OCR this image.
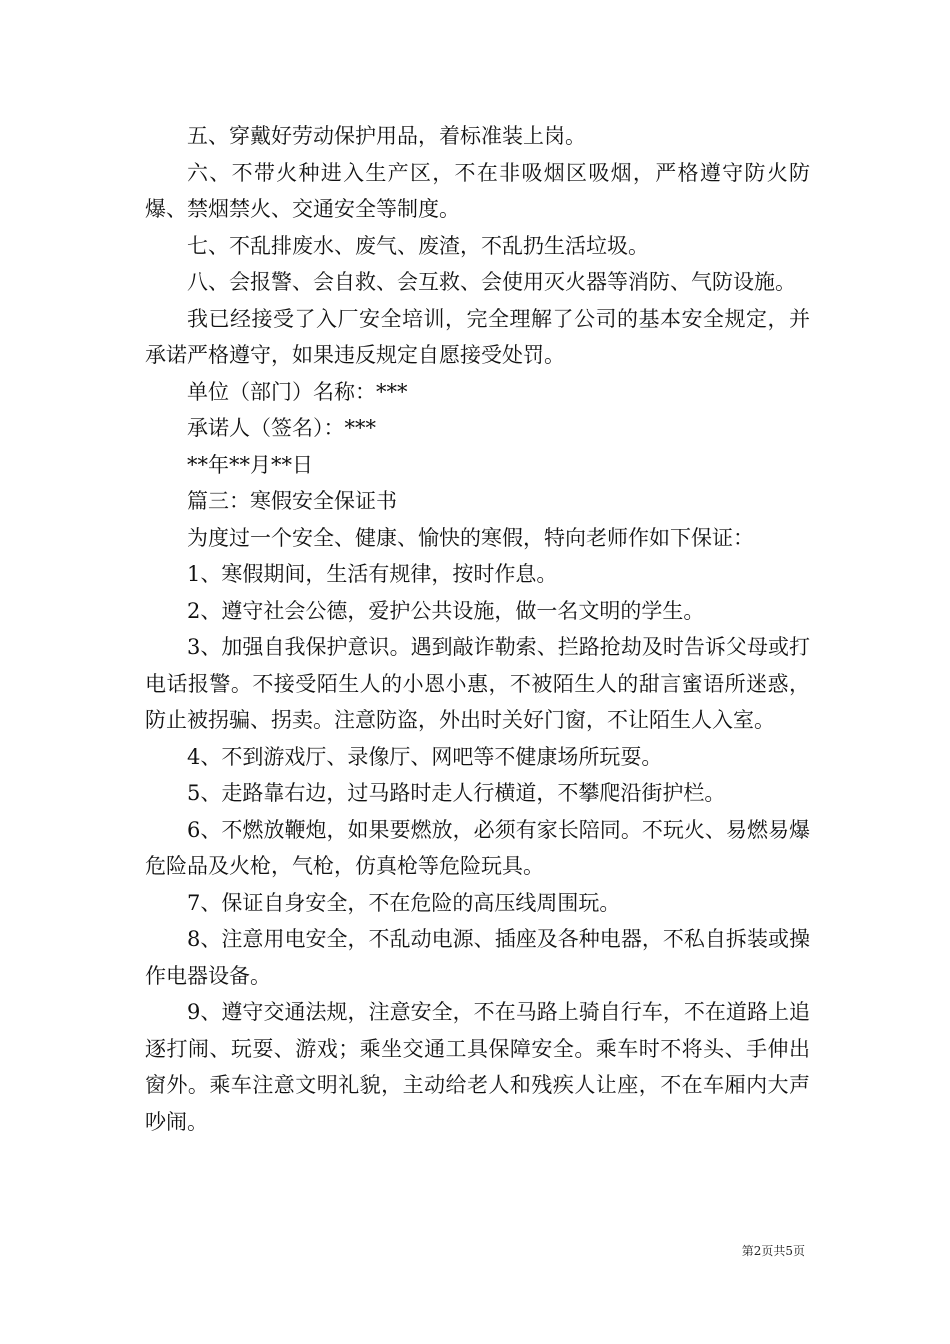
五、穿戴好劳动保护用品，着标准装上岗。

六、不带火种进入生产区，不在非吸烟区吸烟，严格遵守防火防爆、禁烟禁火、交通安全等制度。

七、不乱排废水、废气、废渣，不乱扔生活垃圾。

八、会报警、会自救、会互救、会使用灭火器等消防、气防设施。

我已经接受了入厂安全培训，完全理解了公司的基本安全规定，并承诺严格遵守，如果违反规定自愿接受处罚。

单位（部门）名称：***

承诺人（签名）：***

**年**月**日

篇三：寒假安全保证书

为度过一个安全、健康、愉快的寒假，特向老师作如下保证：

1、寒假期间，生活有规律，按时作息。

2、遵守社会公德，爱护公共设施，做一名文明的学生。

3、加强自我保护意识。遇到敲诈勒索、拦路抢劫及时告诉父母或打电话报警。不接受陌生人的小恩小惠，不被陌生人的甜言蜜语所迷惑，防止被拐骗、拐卖。注意防盗，外出时关好门窗，不让陌生人入室。

4、不到游戏厅、录像厅、网吧等不健康场所玩耍。

5、走路靠右边，过马路时走人行横道，不攀爬沿街护栏。

6、不燃放鞭炮，如果要燃放，必须有家长陪同。不玩火、易燃易爆危险品及火枪，气枪，仿真枪等危险玩具。

7、保证自身安全，不在危险的高压线周围玩。

8、注意用电安全，不乱动电源、插座及各种电器，不私自拆装或操作电器设备。

9、遵守交通法规，注意安全，不在马路上骑自行车，不在道路上追逐打闹、玩耍、游戏；乘坐交通工具保障安全。乘车时不将头、手伸出窗外。乘车注意文明礼貌，主动给老人和残疾人让座，不在车厢内大声吵闹。

第2页共5页
